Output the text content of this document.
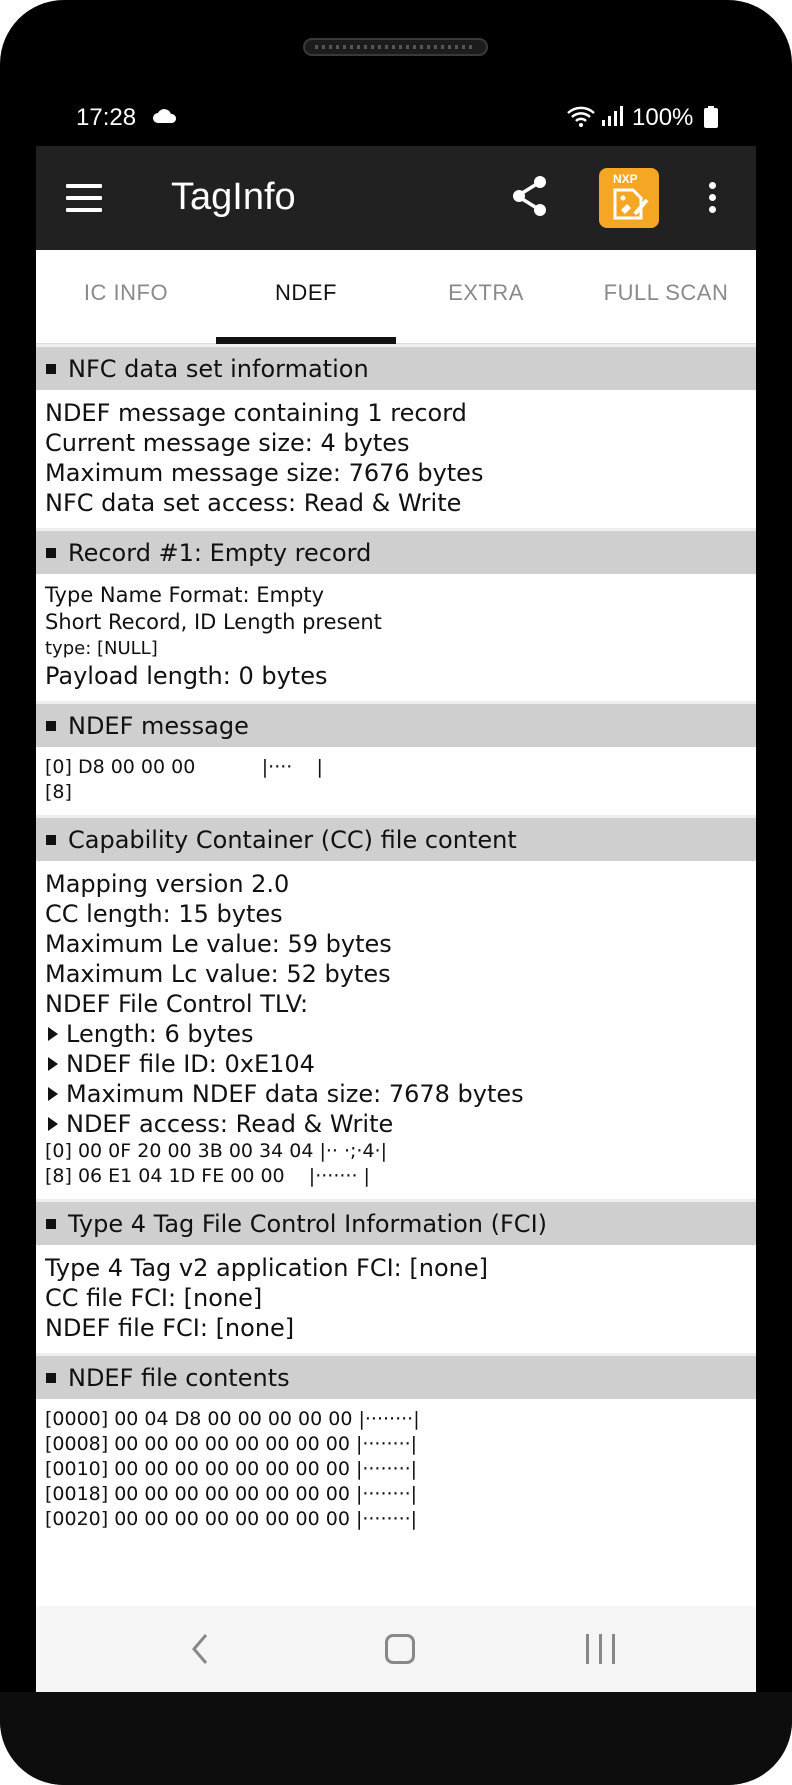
17:28	100%
TagInfo	NXP
IC INFO	NDEF	EXTRA	FULL SCAN
NFC data set information
NDEF message containing 1 record
Current message size: 4 bytes
Maximum message size: 7676 bytes
NFC data set access: Read & Write
Record #1: Empty record
Type Name Format: Empty
Short Record, ID Length present
type: [NULL]
Payload length: 0 bytes
NDEF message
[0] D8 00 00 00           |····    |
[8]
Capability Container (CC) file content
Mapping version 2.0
CC length: 15 bytes
Maximum Le value: 59 bytes
Maximum Lc value: 52 bytes
NDEF File Control TLV:
Length: 6 bytes
NDEF file ID: 0xE104
Maximum NDEF data size: 7678 bytes
NDEF access: Read & Write
[0] 00 0F 20 00 3B 00 34 04 |·· ·;·4·|
[8] 06 E1 04 1D FE 00 00    |······· |
Type 4 Tag File Control Information (FCI)
Type 4 Tag v2 application FCI: [none]
CC file FCI: [none]
NDEF file FCI: [none]
NDEF file contents
[0000] 00 04 D8 00 00 00 00 00 |········|
[0008] 00 00 00 00 00 00 00 00 |········|
[0010] 00 00 00 00 00 00 00 00 |········|
[0018] 00 00 00 00 00 00 00 00 |········|
[0020] 00 00 00 00 00 00 00 00 |········|
